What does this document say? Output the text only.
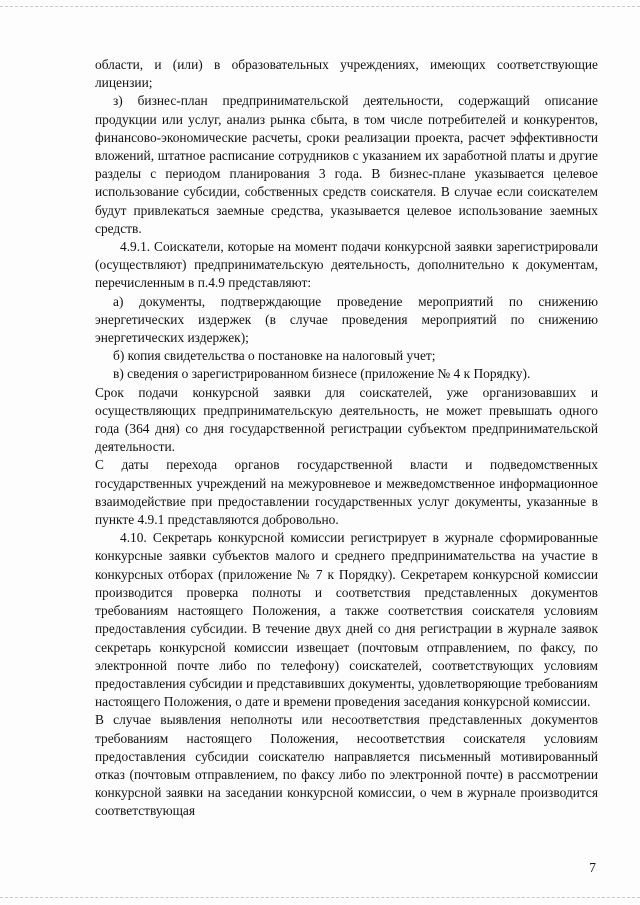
области, и (или) в образовательных учреждениях, имеющих соответствующие лицензии;

з) бизнес-план предпринимательской деятельности, содержащий описание продукции или услуг, анализ рынка сбыта, в том числе потребителей и конкурентов, финансово-экономические расчеты, сроки реализации проекта, расчет эффективности вложений, штатное расписание сотрудников с указанием их заработной платы и другие разделы с периодом планирования 3 года. В бизнес-плане указывается целевое использование субсидии, собственных средств соискателя. В случае если соискателем будут привлекаться заемные средства, указывается целевое использование заемных средств.

4.9.1. Соискатели, которые на момент подачи конкурсной заявки зарегистрировали (осуществляют) предпринимательскую деятельность, дополнительно к документам, перечисленным в п.4.9 представляют:

а) документы, подтверждающие проведение мероприятий по снижению энергетических издержек (в случае проведения мероприятий по снижению энергетических издержек);

б) копия свидетельства о постановке на налоговый учет;

в) сведения о зарегистрированном бизнесе (приложение № 4 к Порядку).

Срок подачи конкурсной заявки для соискателей, уже организовавших и осуществляющих предпринимательскую деятельность, не может превышать одного года (364 дня) со дня государственной регистрации субъектом предпринимательской деятельности.

С даты перехода органов государственной власти и подведомственных государственных учреждений на межуровневое и межведомственное информационное взаимодействие при предоставлении государственных услуг документы, указанные в пункте 4.9.1 представляются добровольно.

4.10. Секретарь конкурсной комиссии регистрирует в журнале сформированные конкурсные заявки субъектов малого и среднего предпринимательства на участие в конкурсных отборах (приложение № 7 к Порядку). Секретарем конкурсной комиссии производится проверка полноты и соответствия представленных документов требованиям настоящего Положения, а также соответствия соискателя условиям предоставления субсидии. В течение двух дней со дня регистрации в журнале заявок секретарь конкурсной комиссии извещает (почтовым отправлением, по факсу, по электронной почте либо по телефону) соискателей, соответствующих условиям предоставления субсидии и представивших документы, удовлетворяющие требованиям настоящего Положения, о дате и времени проведения заседания конкурсной комиссии.

В случае выявления неполноты или несоответствия представленных документов требованиям настоящего Положения, несоответствия соискателя условиям предоставления субсидии соискателю направляется письменный мотивированный отказ (почтовым отправлением, по факсу либо по электронной почте) в рассмотрении конкурсной заявки на заседании конкурсной комиссии, о чем в журнале производится соответствующая

7
